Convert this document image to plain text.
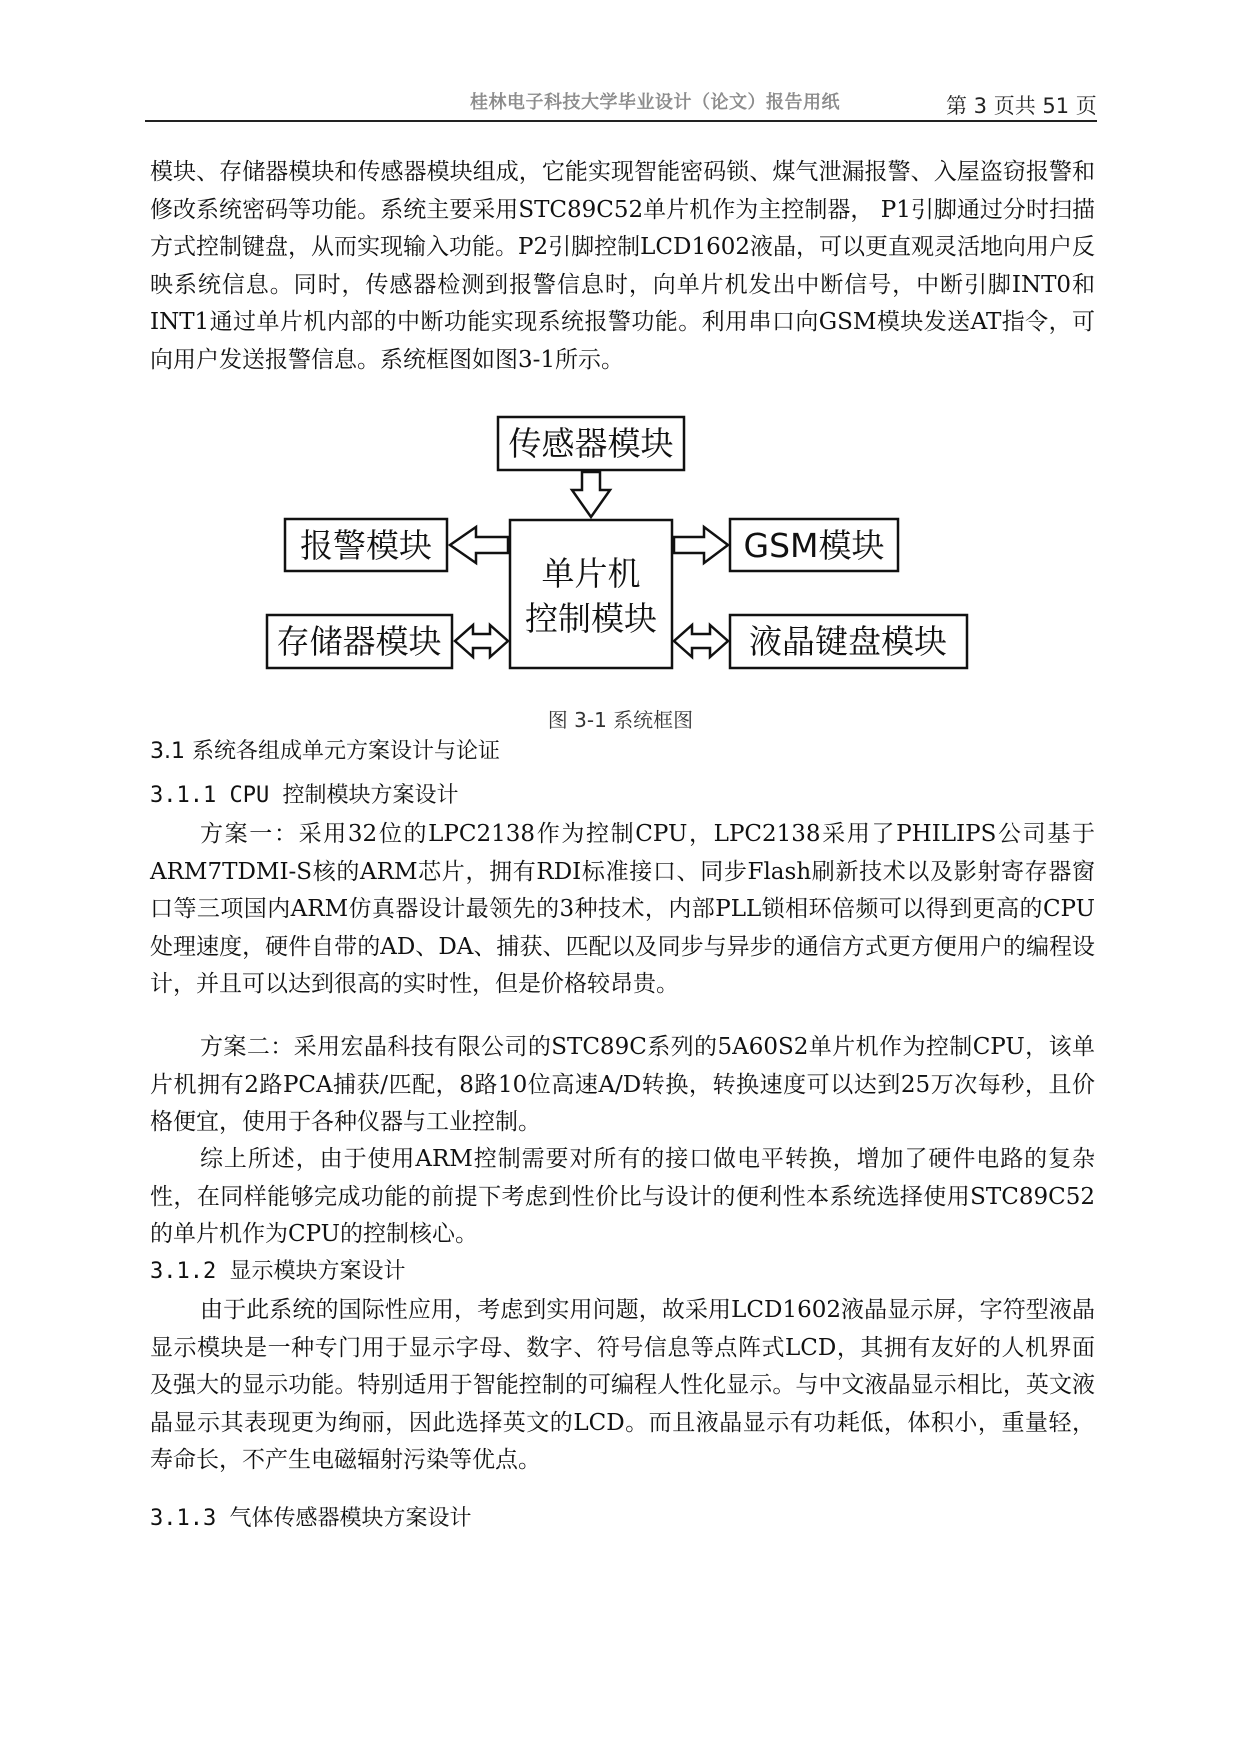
桂林电子科技大学毕业设计（论文）报告用纸	第 3 页共 51 页

模块、存储器模块和传感器模块组成，它能实现智能密码锁、煤气泄漏报警、入屋盗窃报警和修改系统密码等功能。系统主要采用STC89C52单片机作为主控制器， P1引脚通过分时扫描方式控制键盘，从而实现输入功能。P2引脚控制LCD1602液晶，可以更直观灵活地向用户反映系统信息。同时，传感器检测到报警信息时，向单片机发出中断信号，中断引脚INT0和INT1通过单片机内部的中断功能实现系统报警功能。利用串口向GSM模块发送AT指令，可向用户发送报警信息。系统框图如图3-1所示。

传感器模块
单片机
控制模块
报警模块	GSM模块
存储器模块	液晶键盘模块
图 3-1 系统框图

3.1 系统各组成单元方案设计与论证

3.1.1 CPU 控制模块方案设计

方案一：采用32位的LPC2138作为控制CPU，LPC2138采用了PHILIPS公司基于ARM7TDMI-S核的ARM芯片，拥有RDI标准接口、同步Flash刷新技术以及影射寄存器窗口等三项国内ARM仿真器设计最领先的3种技术，内部PLL锁相环倍频可以得到更高的CPU处理速度，硬件自带的AD、DA、捕获、匹配以及同步与异步的通信方式更方便用户的编程设计，并且可以达到很高的实时性，但是价格较昂贵。

方案二：采用宏晶科技有限公司的STC89C系列的5A60S2单片机作为控制CPU，该单片机拥有2路PCA捕获/匹配，8路10位高速A/D转换，转换速度可以达到25万次每秒，且价格便宜，使用于各种仪器与工业控制。

综上所述，由于使用ARM控制需要对所有的接口做电平转换，增加了硬件电路的复杂性，在同样能够完成功能的前提下考虑到性价比与设计的便利性本系统选择使用STC89C52的单片机作为CPU的控制核心。

3.1.2 显示模块方案设计

由于此系统的国际性应用，考虑到实用问题，故采用LCD1602液晶显示屏，字符型液晶显示模块是一种专门用于显示字母、数字、符号信息等点阵式LCD，其拥有友好的人机界面及强大的显示功能。特别适用于智能控制的可编程人性化显示。与中文液晶显示相比，英文液晶显示其表现更为绚丽，因此选择英文的LCD。而且液晶显示有功耗低，体积小，重量轻，寿命长，不产生电磁辐射污染等优点。

3.1.3 气体传感器模块方案设计
